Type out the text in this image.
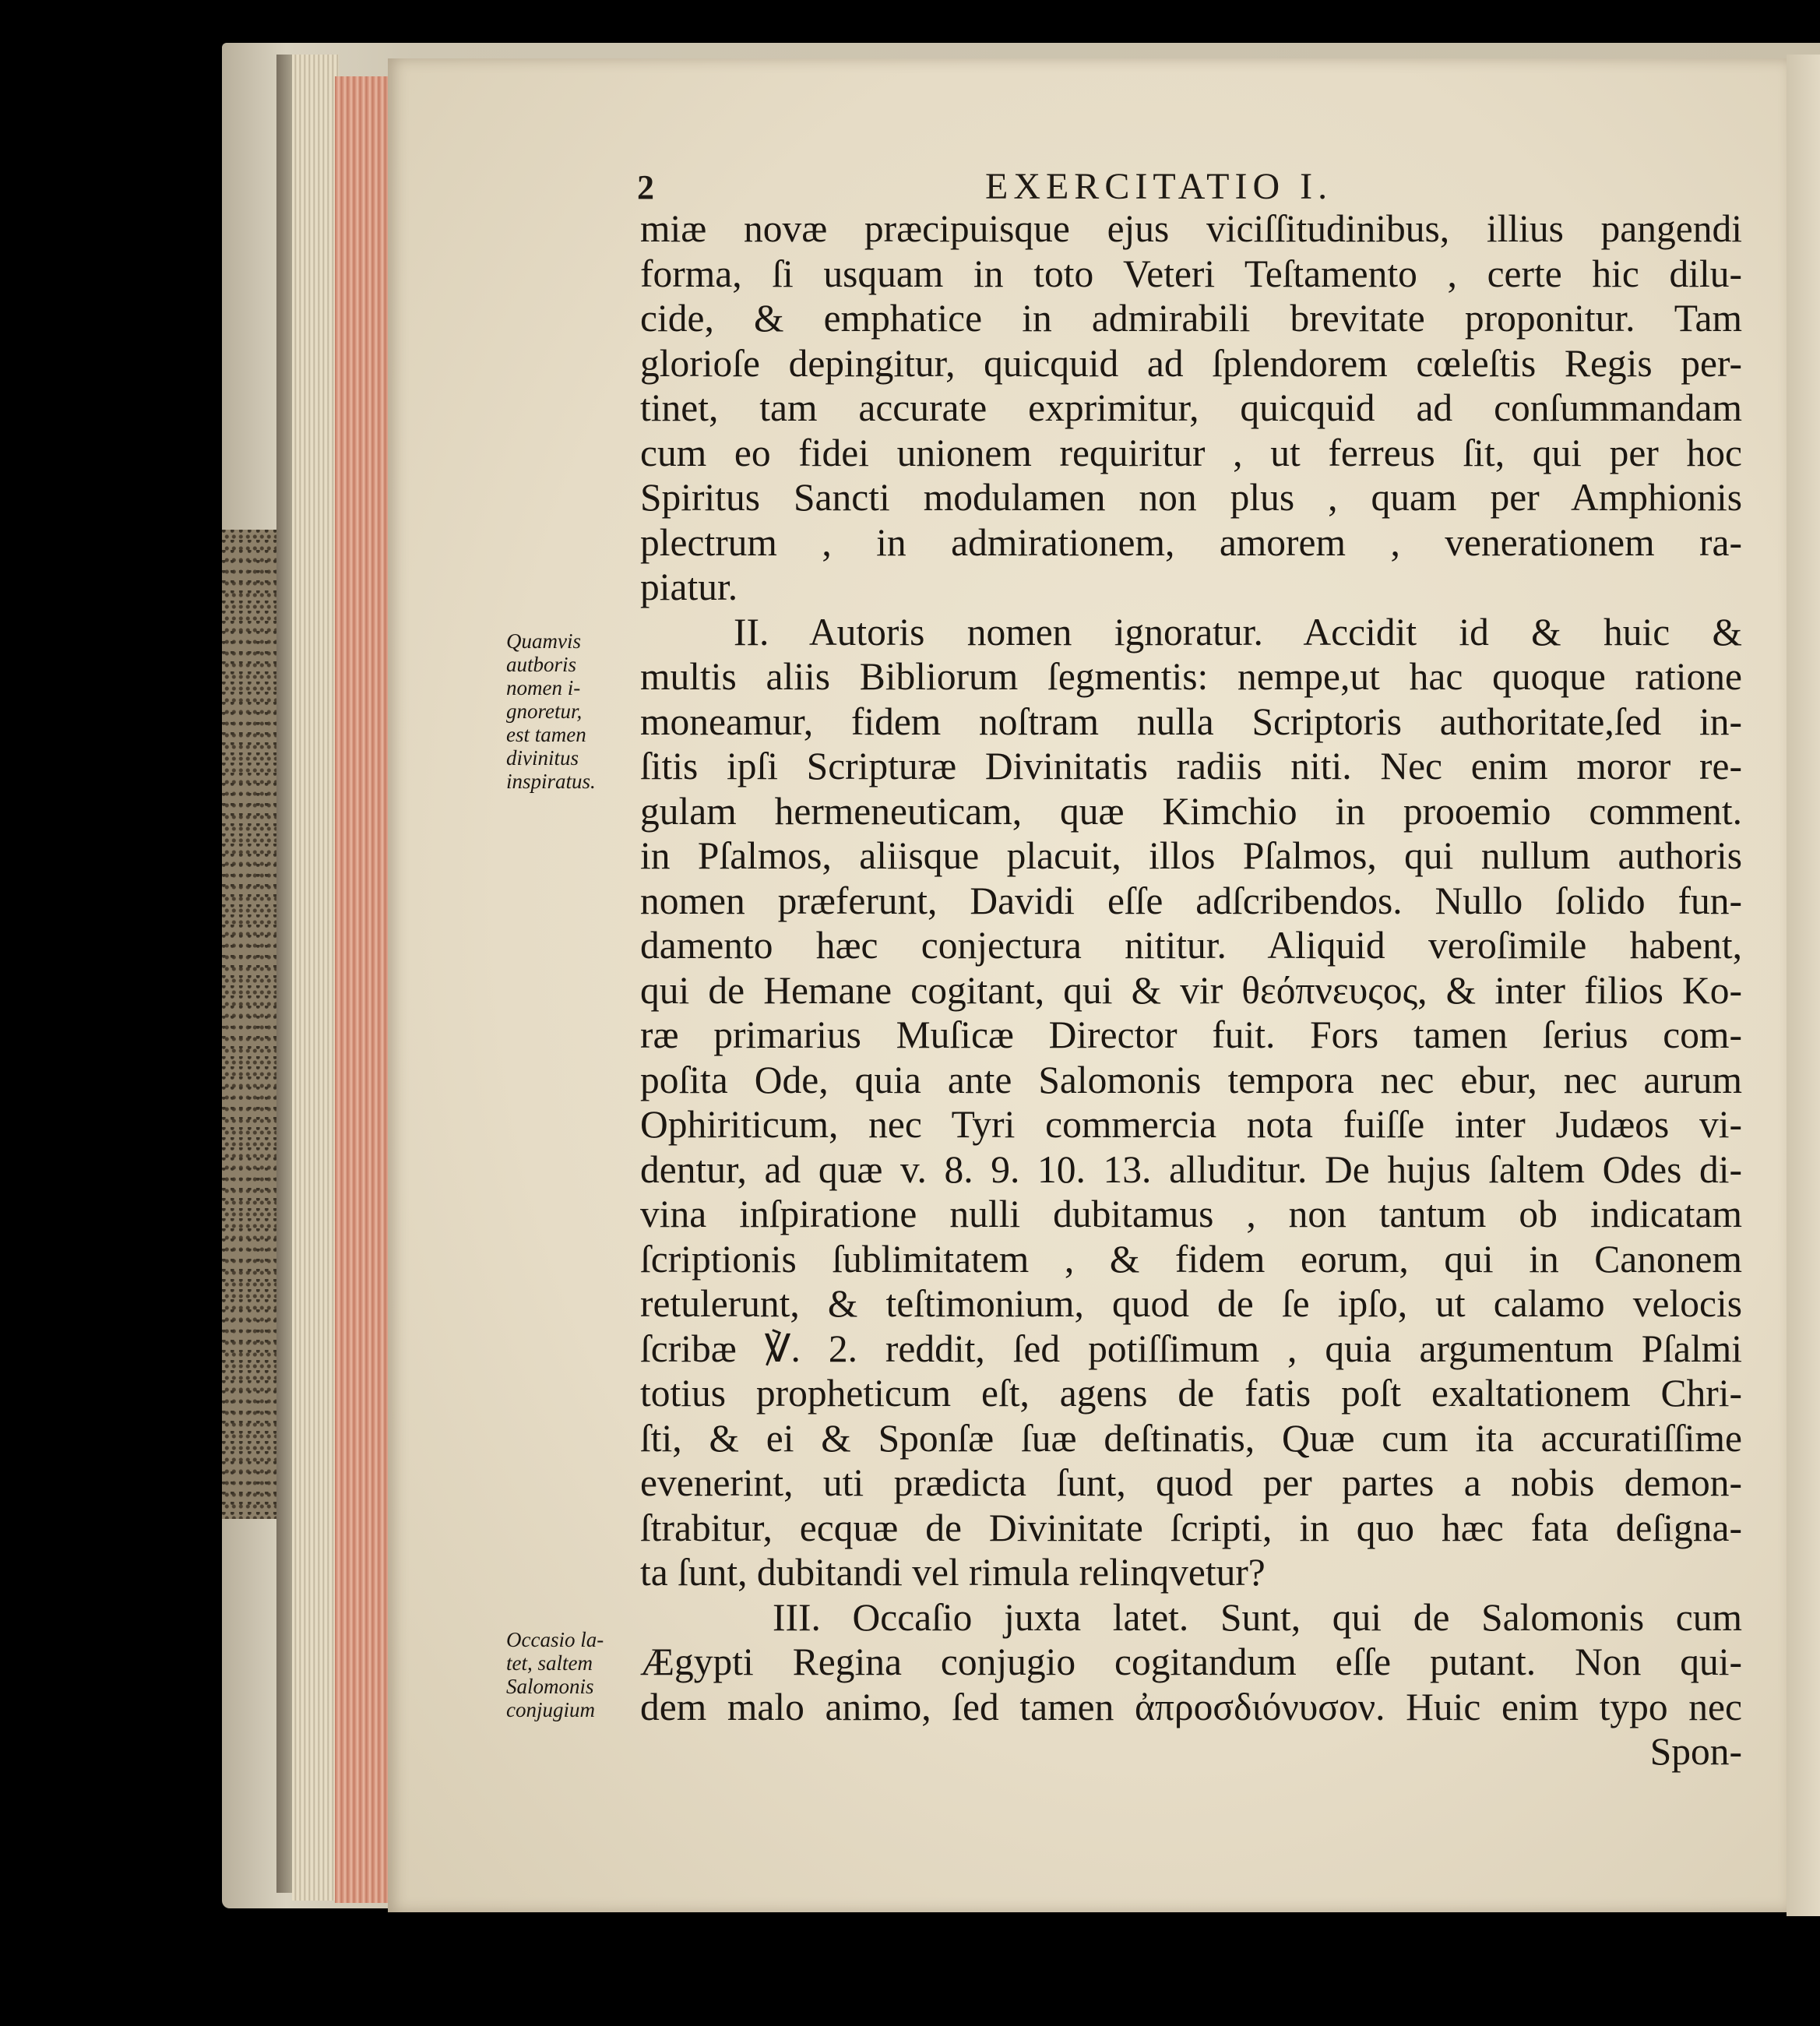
2	EXERCITATIO I.
Quamvis
autboris
nomen i-
gnoretur,
est tamen
divinitus
inspiratus.
Occasio la-
tet, saltem
Salomonis
conjugium
miæ novæ præcipuisque ejus viciſſitudinibus, illius pangendi
forma, ſi usquam in toto Veteri Teſtamento , certe hic dilu-
cide, & emphatice in admirabili brevitate proponitur. Tam
glorioſe depingitur, quicquid ad ſplendorem cœleſtis Regis per-
tinet, tam accurate exprimitur, quicquid ad conſummandam
cum eo fidei unionem requiritur , ut ferreus ſit, qui per hoc
Spiritus Sancti modulamen non plus , quam per Amphionis
plectrum , in admirationem, amorem , venerationem ra-
piatur.
II. Autoris nomen ignoratur. Accidit id & huic &
multis aliis Bibliorum ſegmentis: nempe,ut hac quoque ratione
moneamur, fidem noſtram nulla Scriptoris authoritate,ſed in-
ſitis ipſi Scripturæ Divinitatis radiis niti. Nec enim moror re-
gulam hermeneuticam, quæ Kimchio in prooemio comment.
in Pſalmos, aliisque placuit, illos Pſalmos, qui nullum authoris
nomen præferunt, Davidi eſſe adſcribendos. Nullo ſolido fun-
damento hæc conjectura nititur. Aliquid veroſimile habent,
qui de Hemane cogitant, qui & vir θεόπνευςος, & inter filios Ko-
ræ primarius Muſicæ Director fuit. Fors tamen ſerius com-
poſita Ode, quia ante Salomonis tempora nec ebur, nec aurum
Ophiriticum, nec Tyri commercia nota fuiſſe inter Judæos vi-
dentur, ad quæ v. 8. 9. 10. 13. alluditur. De hujus ſaltem Odes di-
vina inſpiratione nulli dubitamus , non tantum ob indicatam
ſcriptionis ſublimitatem , & fidem eorum, qui in Canonem
retulerunt, & teſtimonium, quod de ſe ipſo, ut calamo velocis
ſcribæ ℣. 2. reddit, ſed potiſſimum , quia argumentum Pſalmi
totius propheticum eſt, agens de fatis poſt exaltationem Chri-
ſti, & ei & Sponſæ ſuæ deſtinatis, Quæ cum ita accuratiſſime
evenerint, uti prædicta ſunt, quod per partes a nobis demon-
ſtrabitur, ecquæ de Divinitate ſcripti, in quo hæc fata deſigna-
ta ſunt, dubitandi vel rimula relinqvetur?
III. Occaſio juxta latet. Sunt, qui de Salomonis cum
Ægypti Regina conjugio cogitandum eſſe putant. Non qui-
dem malo animo, ſed tamen ἀπροσδιόνυσον. Huic enim typo nec
Spon-
